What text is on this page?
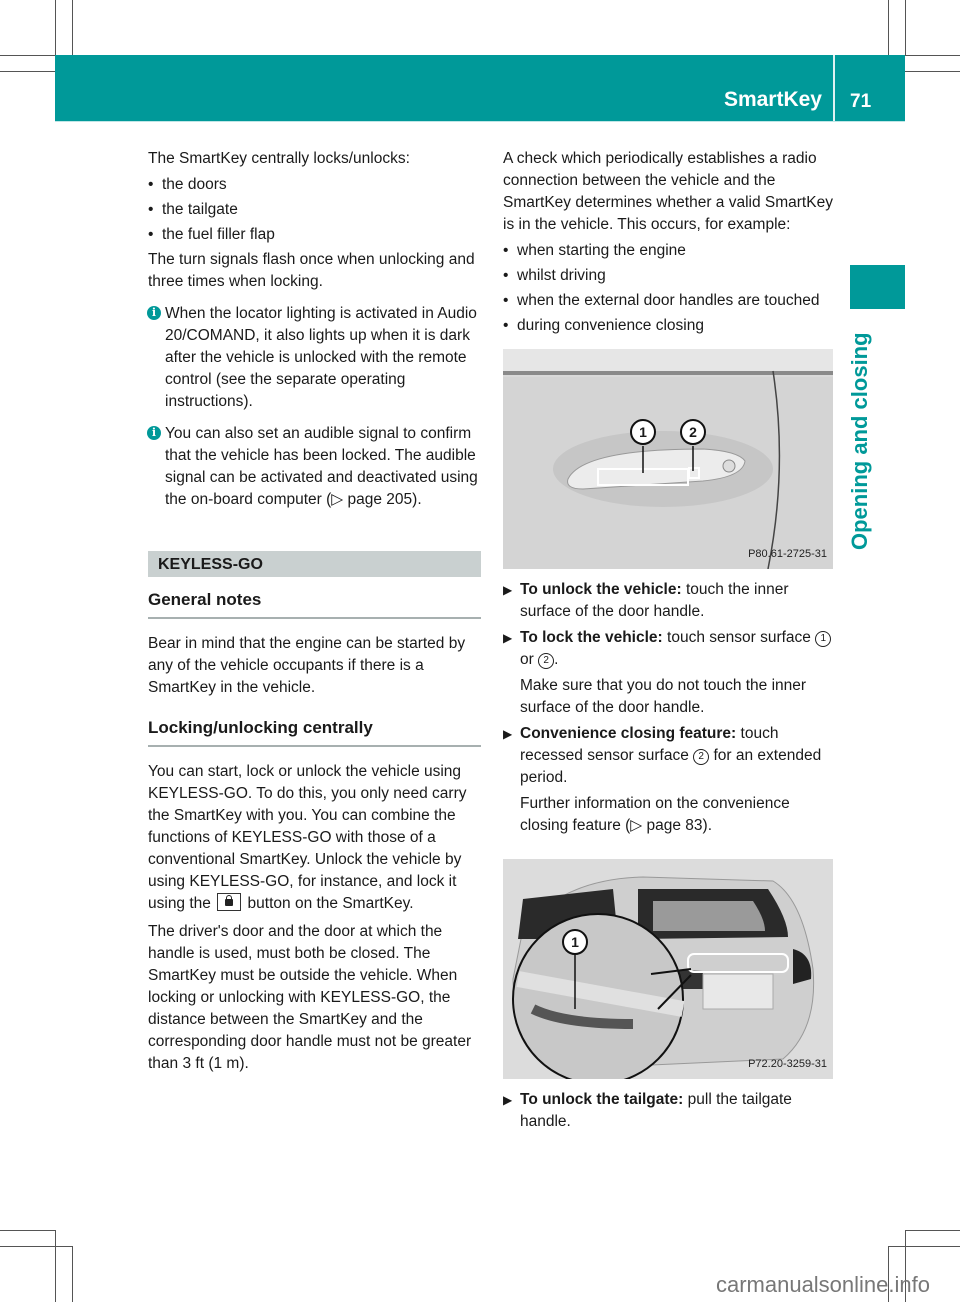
SmartKey 71
Opening and closing

The SmartKey centrally locks/unlocks:

• the doors
• the tailgate
• the fuel filler flap

The turn signals flash once when unlocking and three times when locking.

i When the locator lighting is activated in Audio 20/COMAND, it also lights up when it is dark after the vehicle is unlocked with the remote control (see the separate operating instructions).
i You can also set an audible signal to confirm that the vehicle has been locked. The audible signal can be activated and deactivated using the on-board computer (▷ page 205).
KEYLESS-GO
General notes

Bear in mind that the engine can be started by any of the vehicle occupants if there is a SmartKey in the vehicle.

Locking/unlocking centrally

You can start, lock or unlock the vehicle using KEYLESS-GO. To do this, you only need carry the SmartKey with you. You can combine the functions of KEYLESS-GO with those of a conventional SmartKey. Unlock the vehicle by using KEYLESS-GO, for instance, and lock it using the button on the SmartKey.

The driver's door and the door at which the handle is used, must both be closed. The SmartKey must be outside the vehicle. When locking or unlocking with KEYLESS-GO, the distance between the SmartKey and the corresponding door handle must not be greater than 3 ft (1 m).

A check which periodically establishes a radio connection between the vehicle and the SmartKey determines whether a valid SmartKey is in the vehicle. This occurs, for example:

• when starting the engine
• whilst driving
• when the external door handles are touched
• during convenience closing
1	2
P80.61-2725-31
▶ To unlock the vehicle: touch the inner surface of the door handle.
▶ To lock the vehicle: touch sensor surface 1 or 2 .

Make sure that you do not touch the inner surface of the door handle.

▶ Convenience closing feature: touch recessed sensor surface 2 for an extended period.

Further information on the convenience closing feature (▷ page 83).

1
P72.20-3259-31
▶ To unlock the tailgate: pull the tailgate handle.
carmanualsonline.info
